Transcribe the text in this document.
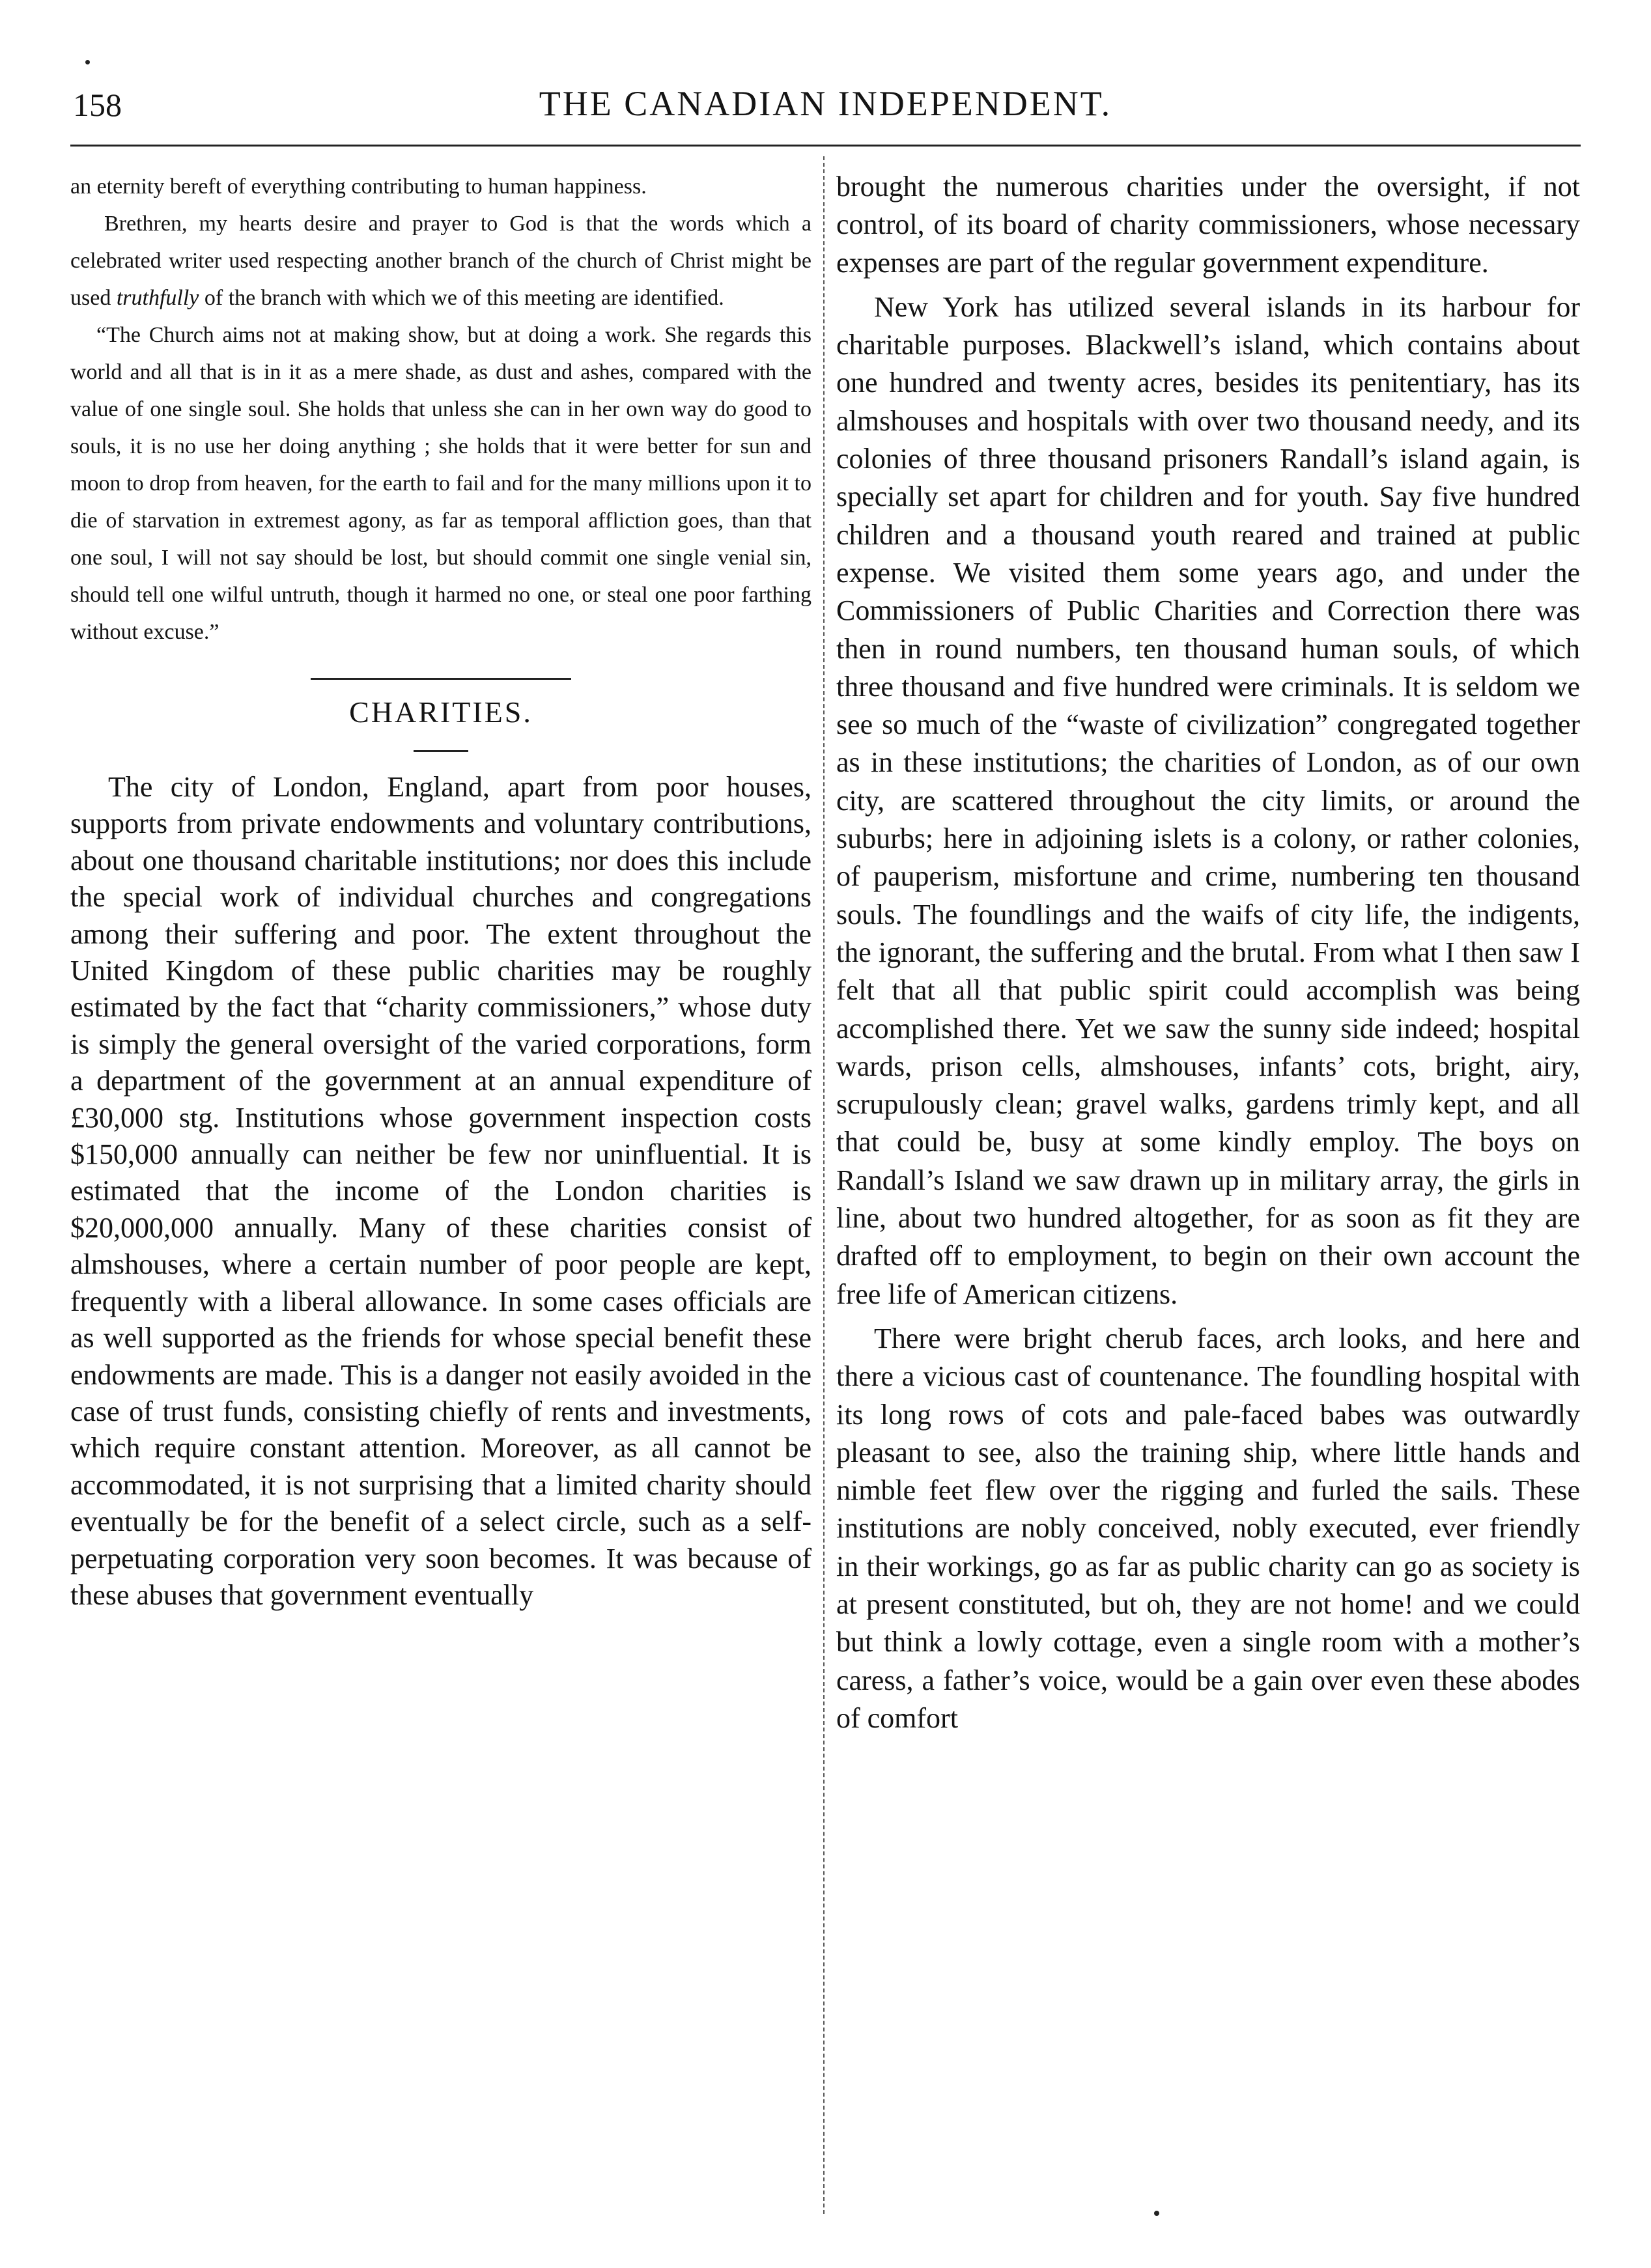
158	THE CANADIAN INDEPENDENT.

an eternity bereft of everything contributing to human happiness.

Brethren, my hearts desire and prayer to God is that the words which a celebrated writer used respecting another branch of the church of Christ might be used truthfully of the branch with which we of this meeting are identified.

“The Church aims not at making show, but at doing a work. She regards this world and all that is in it as a mere shade, as dust and ashes, compared with the value of one single soul. She holds that unless she can in her own way do good to souls, it is no use her doing anything ; she holds that it were better for sun and moon to drop from heaven, for the earth to fail and for the many millions upon it to die of starvation in extremest agony, as far as temporal affliction goes, than that one soul, I will not say should be lost, but should commit one single venial sin, should tell one wilful untruth, though it harmed no one, or steal one poor farthing without excuse.”

CHARITIES.

The city of London, England, apart from poor houses, supports from private endowments and voluntary contributions, about one thousand charitable institutions; nor does this include the special work of individual churches and congregations among their suffering and poor. The extent throughout the United Kingdom of these public charities may be roughly estimated by the fact that “charity commissioners,” whose duty is simply the general oversight of the varied corporations, form a department of the government at an annual expenditure of £30,000 stg. Institutions whose government inspection costs $150,000 annually can neither be few nor uninfluential. It is estimated that the income of the London charities is $20,000,000 annually. Many of these charities consist of almshouses, where a certain number of poor people are kept, frequently with a liberal allowance. In some cases officials are as well supported as the friends for whose special benefit these endowments are made. This is a danger not easily avoided in the case of trust funds, consisting chiefly of rents and investments, which require constant attention. Moreover, as all cannot be accommodated, it is not surprising that a limited charity should eventually be for the benefit of a select circle, such as a self-perpetuating corporation very soon becomes. It was because of these abuses that government eventually

brought the numerous charities under the oversight, if not control, of its board of charity commissioners, whose necessary expenses are part of the regular government expenditure.

New York has utilized several islands in its harbour for charitable purposes. Blackwell’s island, which contains about one hundred and twenty acres, besides its penitentiary, has its almshouses and hospitals with over two thousand needy, and its colonies of three thousand prisoners Randall’s island again, is specially set apart for children and for youth. Say five hundred children and a thousand youth reared and trained at public expense. We visited them some years ago, and under the Commissioners of Public Charities and Correction there was then in round numbers, ten thousand human souls, of which three thousand and five hundred were criminals. It is seldom we see so much of the “waste of civilization” congregated together as in these institutions; the charities of London, as of our own city, are scattered throughout the city limits, or around the suburbs; here in adjoining islets is a colony, or rather colonies, of pauperism, misfortune and crime, numbering ten thousand souls. The foundlings and the waifs of city life, the indigents, the ignorant, the suffering and the brutal. From what I then saw I felt that all that public spirit could accomplish was being accomplished there. Yet we saw the sunny side indeed; hospital wards, prison cells, almshouses, infants’ cots, bright, airy, scrupulously clean; gravel walks, gardens trimly kept, and all that could be, busy at some kindly employ. The boys on Randall’s Island we saw drawn up in military array, the girls in line, about two hundred altogether, for as soon as fit they are drafted off to employment, to begin on their own account the free life of American citizens.

There were bright cherub faces, arch looks, and here and there a vicious cast of countenance. The foundling hospital with its long rows of cots and pale-faced babes was outwardly pleasant to see, also the training ship, where little hands and nimble feet flew over the rigging and furled the sails. These institutions are nobly conceived, nobly executed, ever friendly in their workings, go as far as public charity can go as society is at present constituted, but oh, they are not home! and we could but think a lowly cottage, even a single room with a mother’s caress, a father’s voice, would be a gain over even these abodes of comfort
